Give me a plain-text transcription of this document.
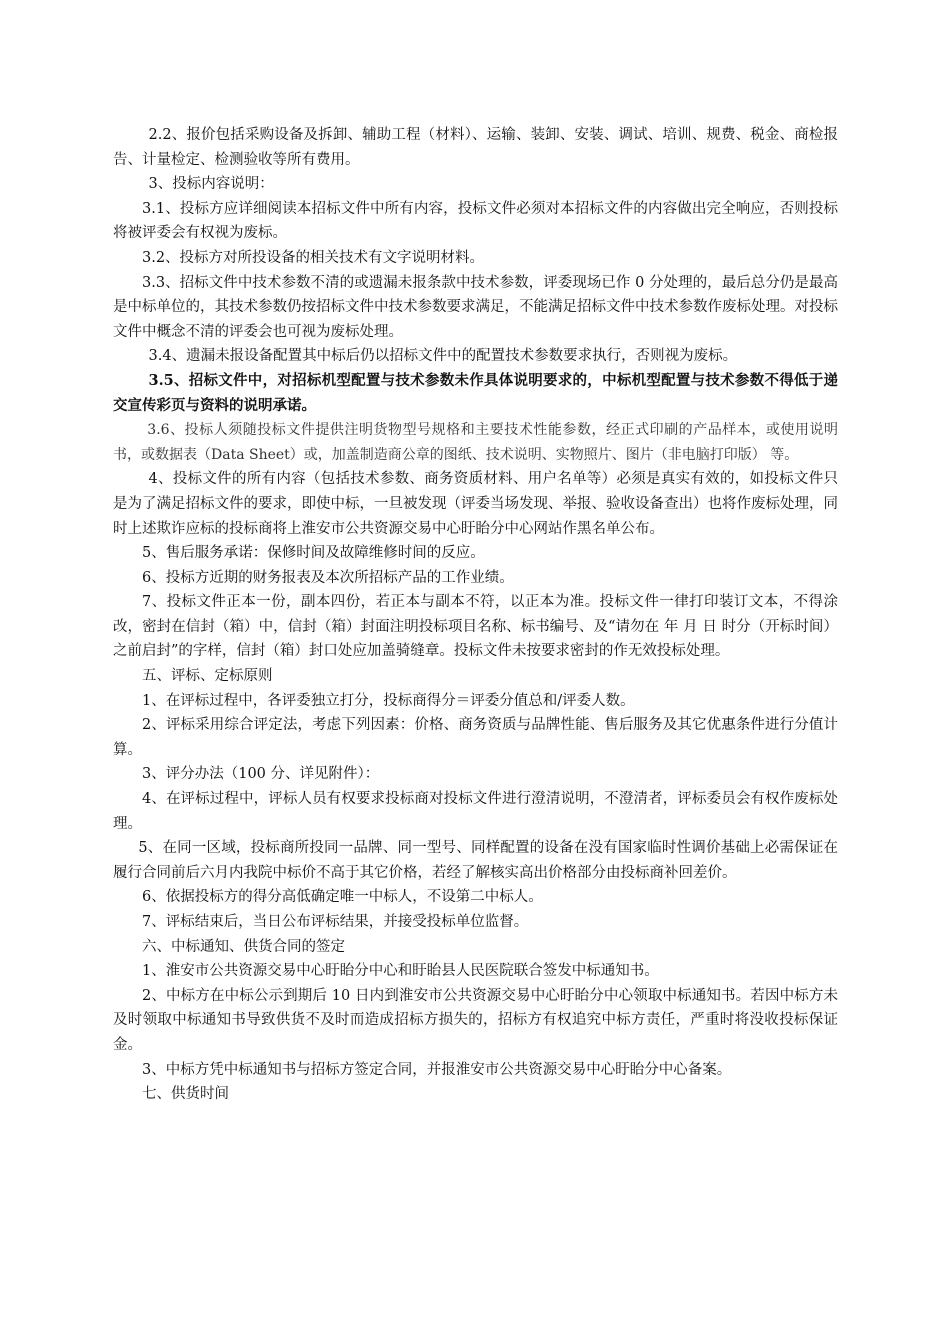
2.2、报价包括采购设备及拆卸、辅助工程（材料）、运输、装卸、安装、调试、培训、规费、税金、商检报告、计量检定、检测验收等所有费用。

3、投标内容说明：

3.1、投标方应详细阅读本招标文件中所有内容，投标文件必须对本招标文件的内容做出完全响应，否则投标将被评委会有权视为废标。

3.2、投标方对所投设备的相关技术有文字说明材料。

3.3、招标文件中技术参数不清的或遗漏未报条款中技术参数，评委现场已作 0 分处理的，最后总分仍是最高是中标单位的，其技术参数仍按招标文件中技术参数要求满足，不能满足招标文件中技术参数作废标处理。对投标文件中概念不清的评委会也可视为废标处理。

3.4、遗漏未报设备配置其中标后仍以招标文件中的配置技术参数要求执行，否则视为废标。

3.5、招标文件中，对招标机型配置与技术参数未作具体说明要求的，中标机型配置与技术参数不得低于递交宣传彩页与资料的说明承诺。

3.6、投标人须随投标文件提供注明货物型号规格和主要技术性能参数，经正式印刷的产品样本，或使用说明书，或数据表（Data Sheet）或，加盖制造商公章的图纸、技术说明、实物照片、图片（非电脑打印版） 等。

4、投标文件的所有内容（包括技术参数、商务资质材料、用户名单等）必须是真实有效的，如投标文件只是为了满足招标文件的要求，即使中标，一旦被发现（评委当场发现、举报、验收设备查出）也将作废标处理，同时上述欺诈应标的投标商将上淮安市公共资源交易中心盱眙分中心网站作黑名单公布。

5、售后服务承诺：保修时间及故障维修时间的反应。

6、投标方近期的财务报表及本次所招标产品的工作业绩。

7、投标文件正本一份，副本四份，若正本与副本不符，以正本为准。投标文件一律打印装订文本，不得涂改，密封在信封（箱）中，信封（箱）封面注明投标项目名称、标书编号、及“请勿在 年 月 日 时分（开标时间）之前启封”的字样，信封（箱）封口处应加盖骑缝章。投标文件未按要求密封的作无效投标处理。

五、评标、定标原则

1、在评标过程中，各评委独立打分，投标商得分＝评委分值总和/评委人数。

2、评标采用综合评定法，考虑下列因素：价格、商务资质与品牌性能、售后服务及其它优惠条件进行分值计算。

3、评分办法（100 分、详见附件）：

4、在评标过程中，评标人员有权要求投标商对投标文件进行澄清说明，不澄清者，评标委员会有权作废标处理。

5、在同一区域，投标商所投同一品牌、同一型号、同样配置的设备在没有国家临时性调价基础上必需保证在履行合同前后六月内我院中标价不高于其它价格，若经了解核实高出价格部分由投标商补回差价。

6、依据投标方的得分高低确定唯一中标人，不设第二中标人。

7、评标结束后，当日公布评标结果，并接受投标单位监督。

六、中标通知、供货合同的签定

1、淮安市公共资源交易中心盱眙分中心和盱眙县人民医院联合签发中标通知书。

2、中标方在中标公示到期后 10 日内到淮安市公共资源交易中心盱眙分中心领取中标通知书。若因中标方未及时领取中标通知书导致供货不及时而造成招标方损失的，招标方有权追究中标方责任，严重时将没收投标保证金。

3、中标方凭中标通知书与招标方签定合同，并报淮安市公共资源交易中心盱眙分中心备案。

七、供货时间
